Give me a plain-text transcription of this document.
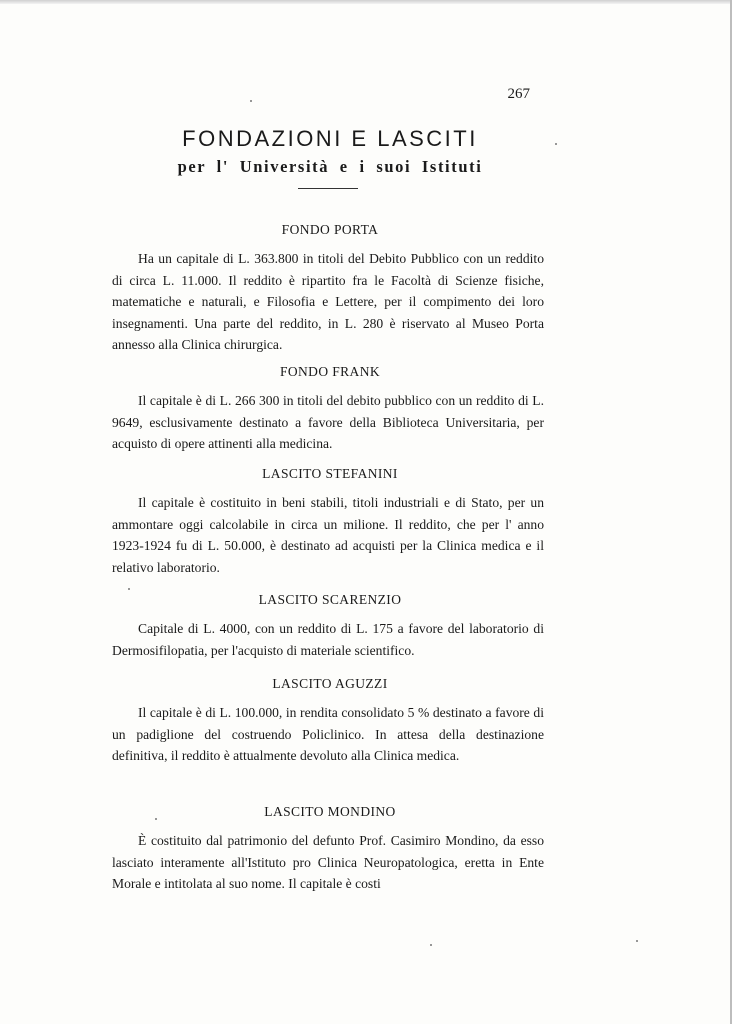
267
FONDAZIONI E LASCITI
per l' Università e i suoi Istituti
FONDO PORTA
Ha un capitale di L. 363.800 in titoli del Debito Pubblico con un reddito di circa L. 11.000. Il reddito è ripartito fra le Facoltà di Scienze fisiche, matematiche e naturali, e Filosofia e Lettere, per il compimento dei loro insegnamenti. Una parte del reddito, in L. 280 è riservato al Museo Porta annesso alla Clinica chirurgica.
FONDO FRANK
Il capitale è di L. 266 300 in titoli del debito pubblico con un reddito di L. 9649, esclusivamente destinato a favore della Biblioteca Universitaria, per acquisto di opere attinenti alla medicina.
LASCITO STEFANINI
Il capitale è costituito in beni stabili, titoli industriali e di Stato, per un ammontare oggi calcolabile in circa un milione. Il reddito, che per l' anno 1923-1924 fu di L. 50.000, è destinato ad acquisti per la Clinica medica e il relativo laboratorio.
LASCITO SCARENZIO
Capitale di L. 4000, con un reddito di L. 175 a favore del laboratorio di Dermosifilopatia, per l'acquisto di materiale scientifico.
LASCITO AGUZZI
Il capitale è di L. 100.000, in rendita consolidato 5 % destinato a favore di un padiglione del costruendo Policlinico. In attesa della destinazione definitiva, il reddito è attualmente devoluto alla Clinica medica.
LASCITO MONDINO
È costituito dal patrimonio del defunto Prof. Casimiro Mondino, da esso lasciato interamente all'Istituto pro Clinica Neuropatologica, eretta in Ente Morale e intitolata al suo nome. Il capitale è costi
